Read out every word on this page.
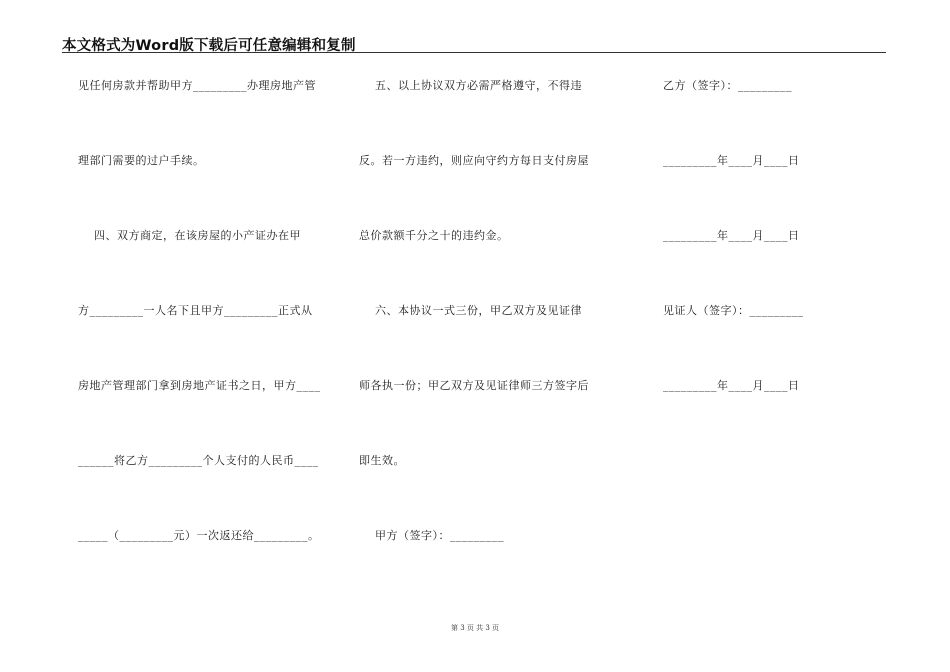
本文格式为Word版下载后可任意编辑和复制
见任何房款并帮助甲方_________办理房地产管
理部门需要的过户手续。
四、双方商定，在该房屋的小产证办在甲
方_________一人名下且甲方_________正式从
房地产管理部门拿到房地产证书之日，甲方____
______将乙方_________个人支付的人民币____
_____（_________元）一次返还给_________。
五、以上协议双方必需严格遵守，不得违
反。若一方违约，则应向守约方每日支付房屋
总价款额千分之十的违约金。
六、本协议一式三份，甲乙双方及见证律
师各执一份；甲乙双方及见证律师三方签字后
即生效。
甲方（签字）：_________
乙方（签字）：_________
_________年____月____日
_________年____月____日
见证人（签字）：_________
_________年____月____日
第 3 页 共 3 页
